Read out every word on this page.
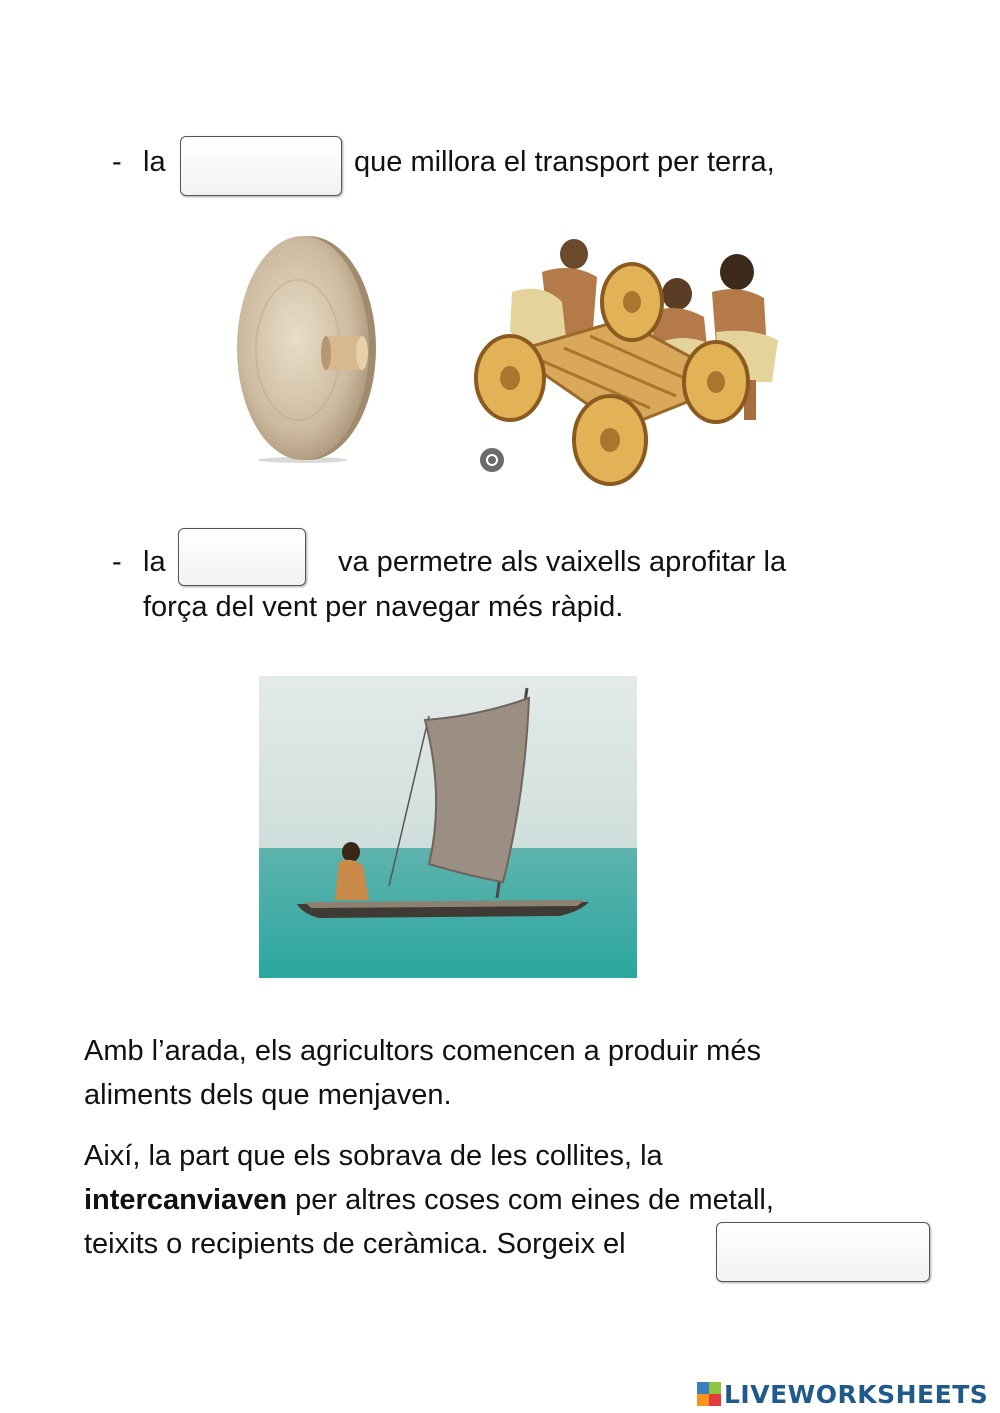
- la	que millora el transport per terra,
- la	va permetre als vaixells aprofitar la
força del vent per navegar més ràpid.
Amb l’arada, els agricultors comencen a produir més
aliments dels que menjaven.
Així, la part que els sobrava de les collites, la
intercanviaven per altres coses com eines de metall,
teixits o recipients de ceràmica. Sorgeix el
LIVEWORKSHEETS
